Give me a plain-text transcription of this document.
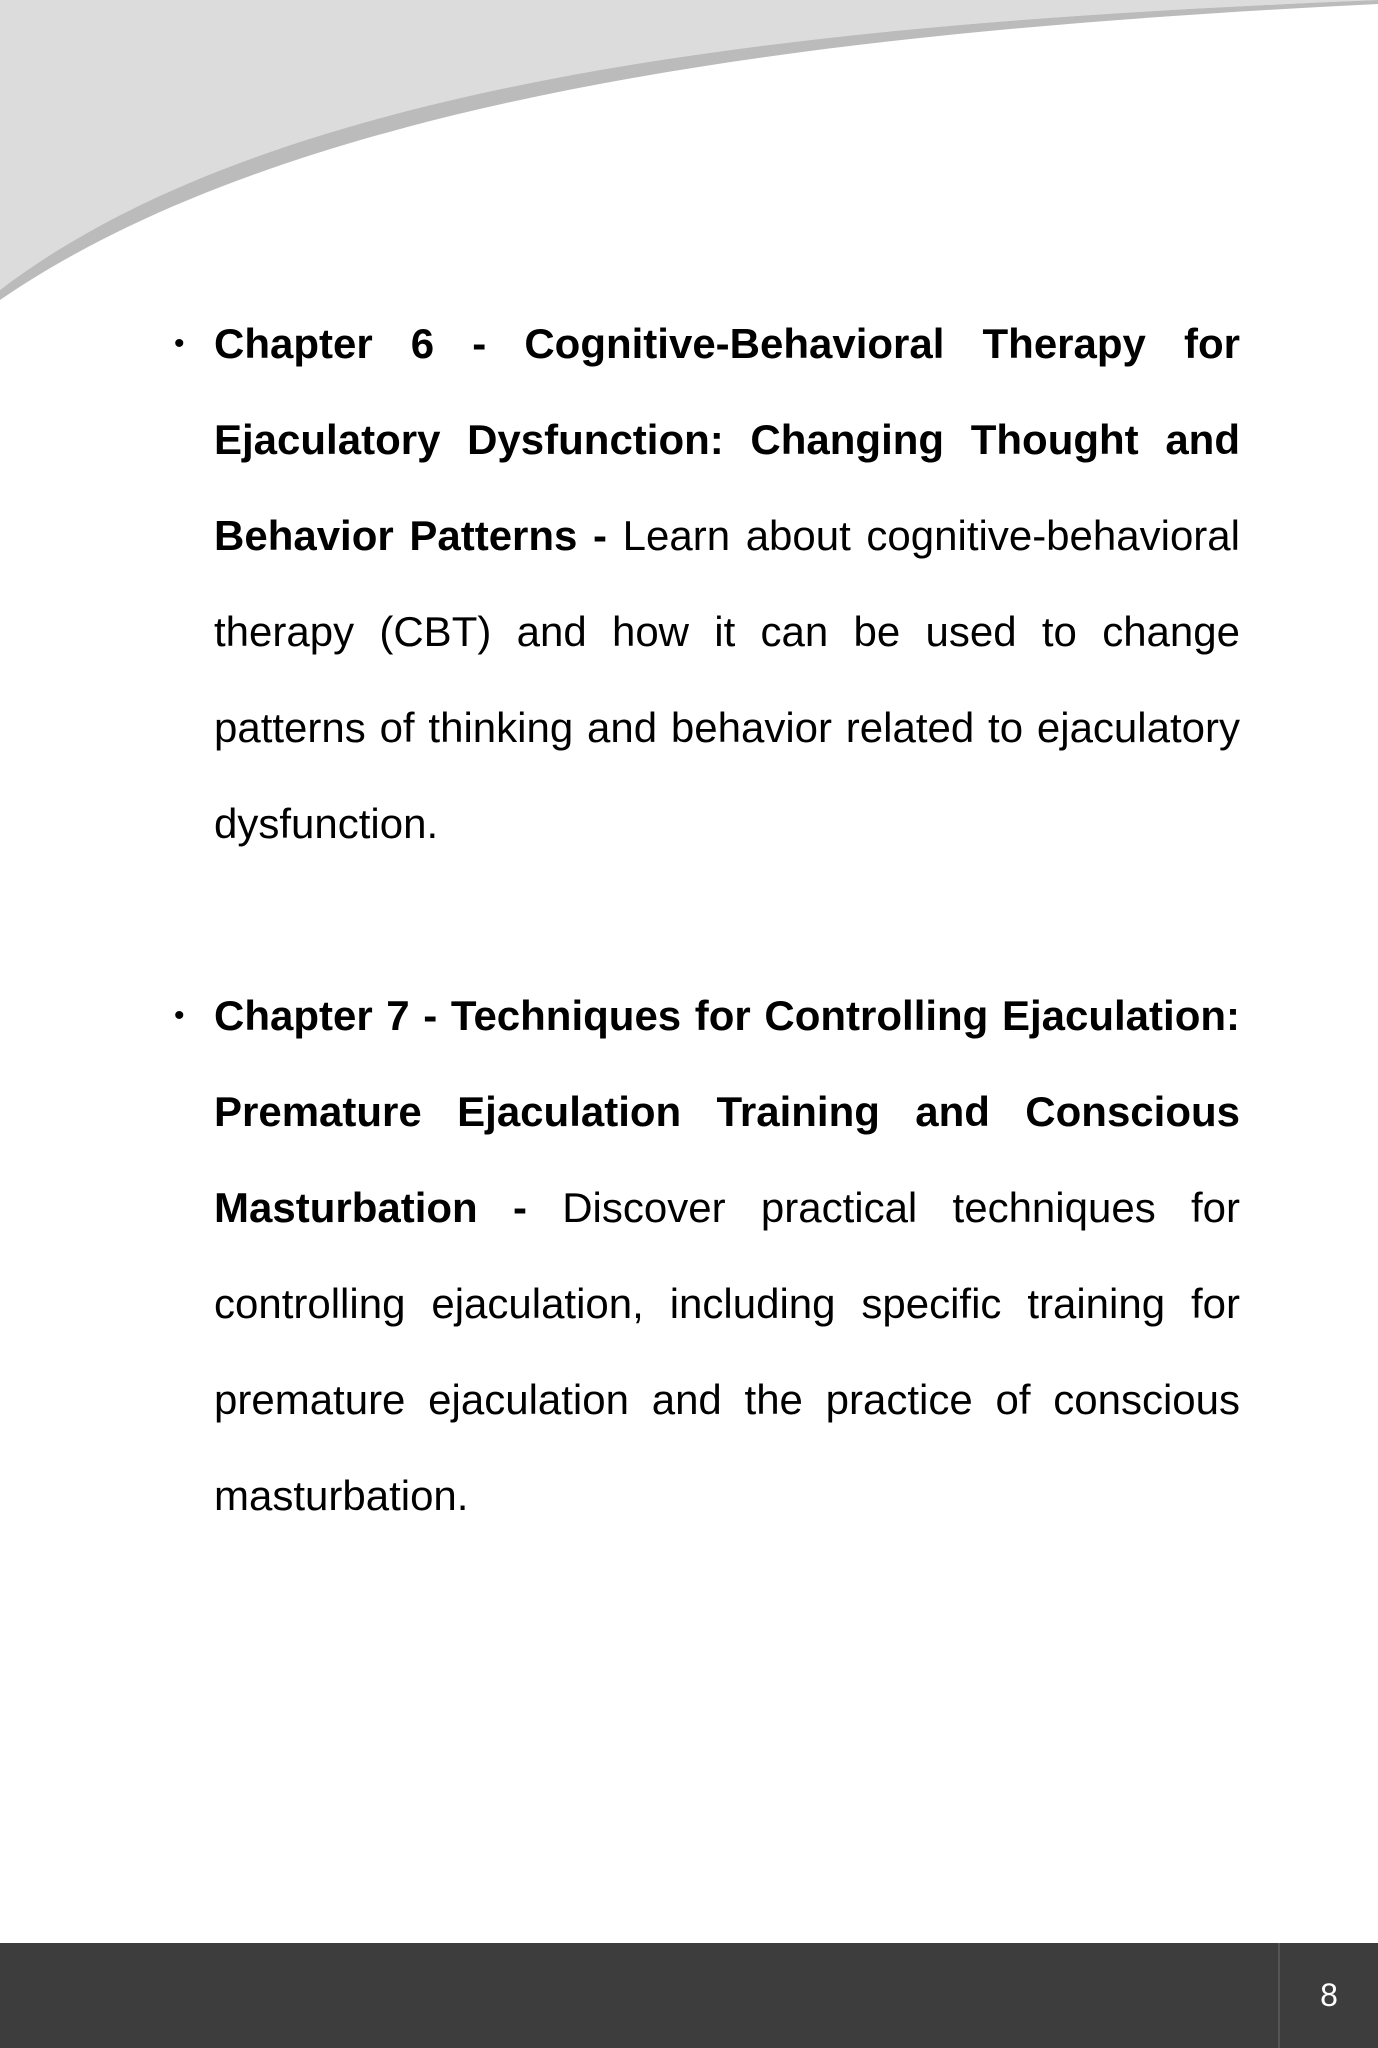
• Chapter 6 - Cognitive-Behavioral Therapy for Ejaculatory Dysfunction: Changing Thought and Behavior Patterns - Learn about cognitive-behavioral therapy (CBT) and how it can be used to change patterns of thinking and behavior related to ejaculatory dysfunction.
• Chapter 7 - Techniques for Controlling Ejaculation: Premature Ejaculation Training and Conscious Masturbation - Discover practical techniques for controlling ejaculation, including specific training for premature ejaculation and the practice of conscious masturbation.
8
